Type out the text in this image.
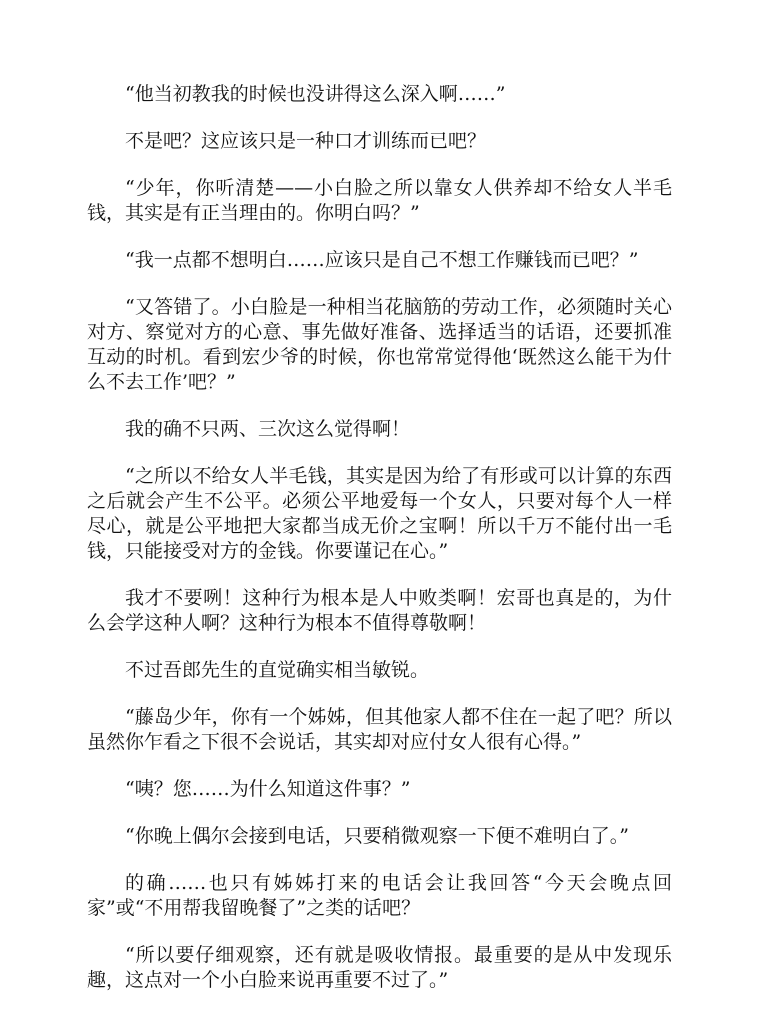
“他当初教我的时候也没讲得这么深入啊……”

不是吧？这应该只是一种口才训练而已吧？

“少年，你听清楚——小白脸之所以靠女人供养却不给女人半毛钱，其实是有正当理由的。你明白吗？”

“我一点都不想明白……应该只是自己不想工作赚钱而已吧？”

“又答错了。小白脸是一种相当花脑筋的劳动工作，必须随时关心对方、察觉对方的心意、事先做好准备、选择适当的话语，还要抓准互动的时机。看到宏少爷的时候，你也常常觉得他‘既然这么能干为什么不去工作’吧？”

我的确不只两、三次这么觉得啊！

“之所以不给女人半毛钱，其实是因为给了有形或可以计算的东西之后就会产生不公平。必须公平地爱每一个女人，只要对每个人一样尽心，就是公平地把大家都当成无价之宝啊！所以千万不能付出一毛钱，只能接受对方的金钱。你要谨记在心。”

我才不要咧！这种行为根本是人中败类啊！宏哥也真是的，为什么会学这种人啊？这种行为根本不值得尊敬啊！

不过吾郎先生的直觉确实相当敏锐。

“藤岛少年，你有一个姊姊，但其他家人都不住在一起了吧？所以虽然你乍看之下很不会说话，其实却对应付女人很有心得。”

“咦？您……为什么知道这件事？”

“你晚上偶尔会接到电话，只要稍微观察一下便不难明白了。”

的确……也只有姊姊打来的电话会让我回答“今天会晚点回家”或“不用帮我留晚餐了”之类的话吧？

“所以要仔细观察，还有就是吸收情报。最重要的是从中发现乐趣，这点对一个小白脸来说再重要不过了。”
